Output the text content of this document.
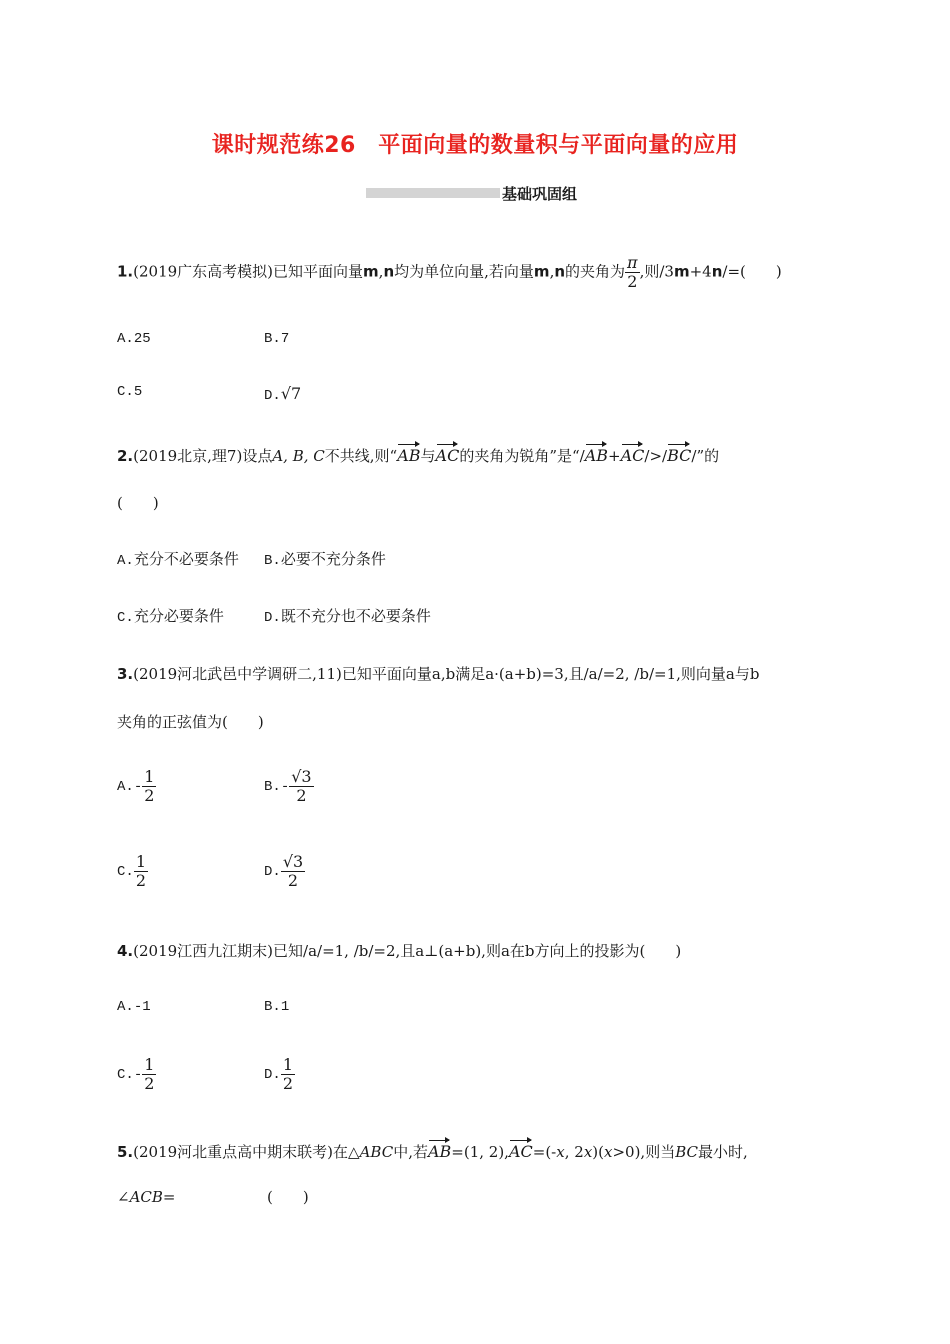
课时规范练26　平面向量的数量积与平面向量的应用
基础巩固组
1.(2019广东高考模拟)已知平面向量m,n均为单位向量,若向量m,n的夹角为 $\frac{\pi}{2}$ ,则/3m+4n/=(　　)
A.25	B.7
C.5	D.√7
2.(2019北京,理7)设点A, B, C不共线,则“AB与AC的夹角为锐角”是“/AB+AC/>/BC/”的
(　　)
A.充分不必要条件 B.必要不充分条件
C.充分必要条件	D.既不充分也不必要条件
3.(2019河北武邑中学调研二,11)已知平面向量a,b满足a·(a+b)=3,且/a/=2, /b/=1,则向量a与b
夹角的正弦值为(　　)
$A.- \frac{1}{2}$	$B.- \frac{√3}{2}$
C. $\frac{1}{2}$	D. $\frac{√3}{2}$
4.(2019江西九江期末)已知/a/=1, /b/=2,且a⊥(a+b),则a在b方向上的投影为(　　)
A.-1	B.1
$C.- \frac{1}{2}$	D. $\frac{1}{2}$
5.(2019河北重点高中期末联考)在△ABC中,若AB=(1, 2),AC=(-x, 2x)(x>0),则当BC最小时,
∠ACB=	(　　)
